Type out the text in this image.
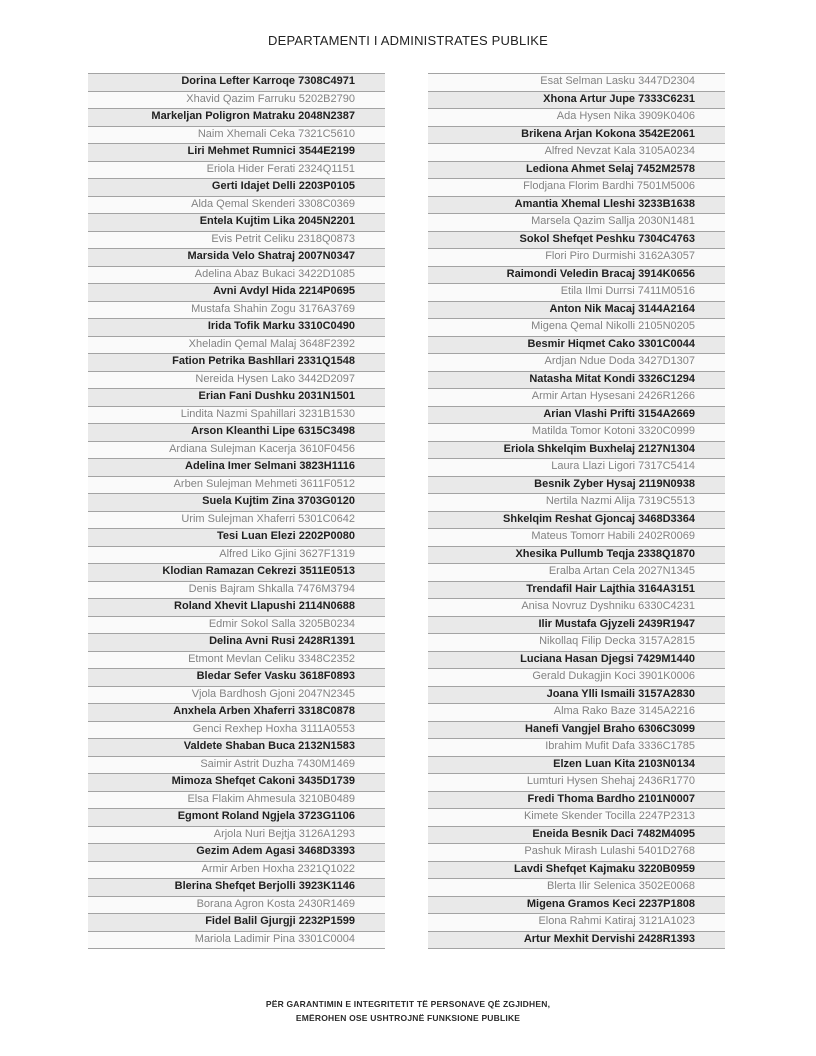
DEPARTAMENTI I ADMINISTRATES PUBLIKE
Dorina Lefter Karroqe 7308C4971
Xhavid Qazim Farruku 5202B2790
Markeljan Poligron Matraku 2048N2387
Naim Xhemali Ceka 7321C5610
Liri Mehmet Rumnici 3544E2199
Eriola Hider Ferati 2324Q1151
Gerti Idajet Delli 2203P0105
Alda Qemal Skenderi 3308C0369
Entela Kujtim Lika 2045N2201
Evis Petrit Celiku 2318Q0873
Marsida Velo Shatraj 2007N0347
Adelina Abaz Bukaci 3422D1085
Avni Avdyl Hida 2214P0695
Mustafa Shahin Zogu 3176A3769
Irida Tofik Marku 3310C0490
Xheladin Qemal Malaj 3648F2392
Fation Petrika Bashllari 2331Q1548
Nereida Hysen Lako 3442D2097
Erian Fani Dushku 2031N1501
Lindita Nazmi Spahillari 3231B1530
Arson Kleanthi Lipe 6315C3498
Ardiana Sulejman Kacerja 3610F0456
Adelina Imer Selmani 3823H1116
Arben Sulejman Mehmeti 3611F0512
Suela Kujtim Zina 3703G0120
Urim Sulejman Xhaferri 5301C0642
Tesi Luan Elezi 2202P0080
Alfred Liko Gjini 3627F1319
Klodian Ramazan Cekrezi 3511E0513
Denis Bajram Shkalla 7476M3794
Roland Xhevit Llapushi 2114N0688
Edmir Sokol Salla 3205B0234
Delina Avni Rusi 2428R1391
Etmont Mevlan Celiku 3348C2352
Bledar Sefer Vasku 3618F0893
Vjola Bardhosh Gjoni 2047N2345
Anxhela Arben Xhaferri 3318C0878
Genci Rexhep Hoxha 3111A0553
Valdete Shaban Buca 2132N1583
Saimir Astrit Duzha 7430M1469
Mimoza Shefqet Cakoni 3435D1739
Elsa Flakim Ahmesula 3210B0489
Egmont Roland Ngjela 3723G1106
Arjola Nuri Bejtja 3126A1293
Gezim Adem Agasi 3468D3393
Armir Arben Hoxha 2321Q1022
Blerina Shefqet Berjolli 3923K1146
Borana Agron Kosta 2430R1469
Fidel Balil Gjurgji 2232P1599
Mariola Ladimir Pina 3301C0004
Esat Selman Lasku 3447D2304
Xhona Artur Jupe 7333C6231
Ada Hysen Nika 3909K0406
Brikena Arjan Kokona 3542E2061
Alfred Nevzat Kala 3105A0234
Lediona Ahmet Selaj 7452M2578
Flodjana Florim Bardhi 7501M5006
Amantia Xhemal Lleshi 3233B1638
Marsela Qazim Sallja 2030N1481
Sokol Shefqet Peshku 7304C4763
Flori Piro Durmishi 3162A3057
Raimondi Veledin Bracaj 3914K0656
Etila Ilmi Durrsi 7411M0516
Anton Nik Macaj 3144A2164
Migena Qemal Nikolli 2105N0205
Besmir Hiqmet Cako 3301C0044
Ardjan Ndue Doda 3427D1307
Natasha Mitat Kondi 3326C1294
Armir Artan Hysesani 2426R1266
Arian Vlashi Prifti 3154A2669
Matilda Tomor Kotoni 3320C0999
Eriola Shkelqim Buxhelaj 2127N1304
Laura Llazi Ligori 7317C5414
Besnik Zyber Hysaj 2119N0938
Nertila Nazmi Alija 7319C5513
Shkelqim Reshat Gjoncaj 3468D3364
Mateus Tomorr Habili 2402R0069
Xhesika Pullumb Teqja 2338Q1870
Eralba Artan Cela 2027N1345
Trendafil Hair Lajthia 3164A3151
Anisa Novruz Dyshniku 6330C4231
Ilir Mustafa Gjyzeli 2439R1947
Nikollaq Filip Decka 3157A2815
Luciana Hasan Djegsi 7429M1440
Gerald Dukagjin Koci 3901K0006
Joana Ylli Ismaili 3157A2830
Alma Rako Baze 3145A2216
Hanefi Vangjel Braho 6306C3099
Ibrahim Mufit Dafa 3336C1785
Elzen Luan Kita 2103N0134
Lumturi Hysen Shehaj 2436R1770
Fredi Thoma Bardho 2101N0007
Kimete Skender Tocilla 2247P2313
Eneida Besnik Daci 7482M4095
Pashuk Mirash Lulashi 5401D2768
Lavdi Shefqet Kajmaku 3220B0959
Blerta Ilir Selenica 3502E0068
Migena Gramos Keci 2237P1808
Elona Rahmi Katiraj 3121A1023
Artur Mexhit Dervishi 2428R1393
PËR GARANTIMIN E INTEGRITETIT TË PERSONAVE QË ZGJIDHEN,
EMËROHEN OSE USHTROJNË FUNKSIONE PUBLIKE
